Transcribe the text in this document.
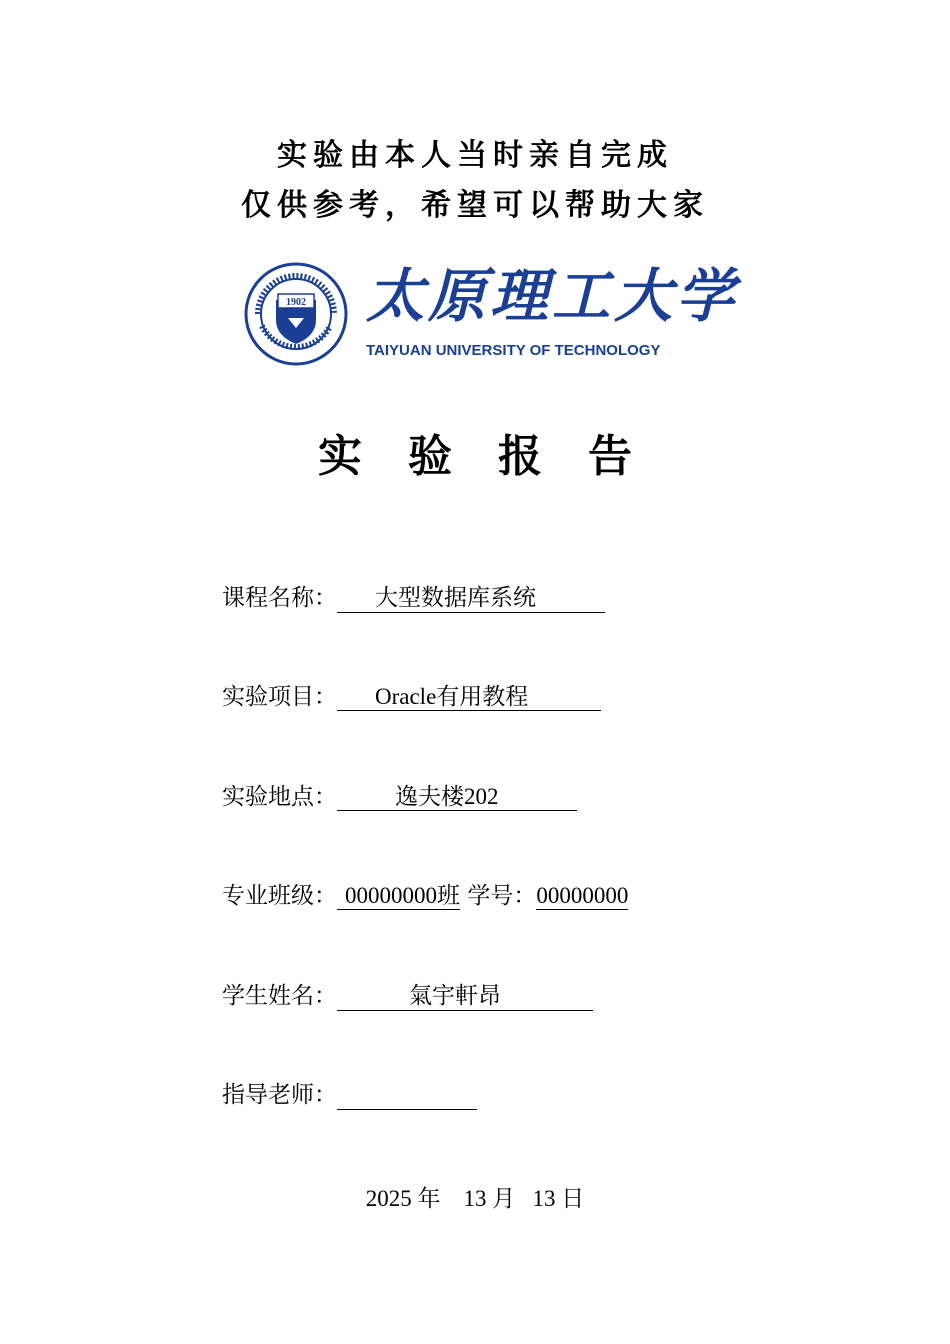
实验由本人当时亲自完成
仅供参考，希望可以帮助大家
1902 太原理工大学
TAIYUAN UNIVERSITY OF TECHNOLOGY
实验报告
课程名称： 大型数据库系统
实验项目： Oracle有用教程
实验地点：	逸夫楼202
专业班级： 00000000班 学号：00000000
学生姓名：	氣宇軒昂
指导老师：
2025 年 13 月 13 日
